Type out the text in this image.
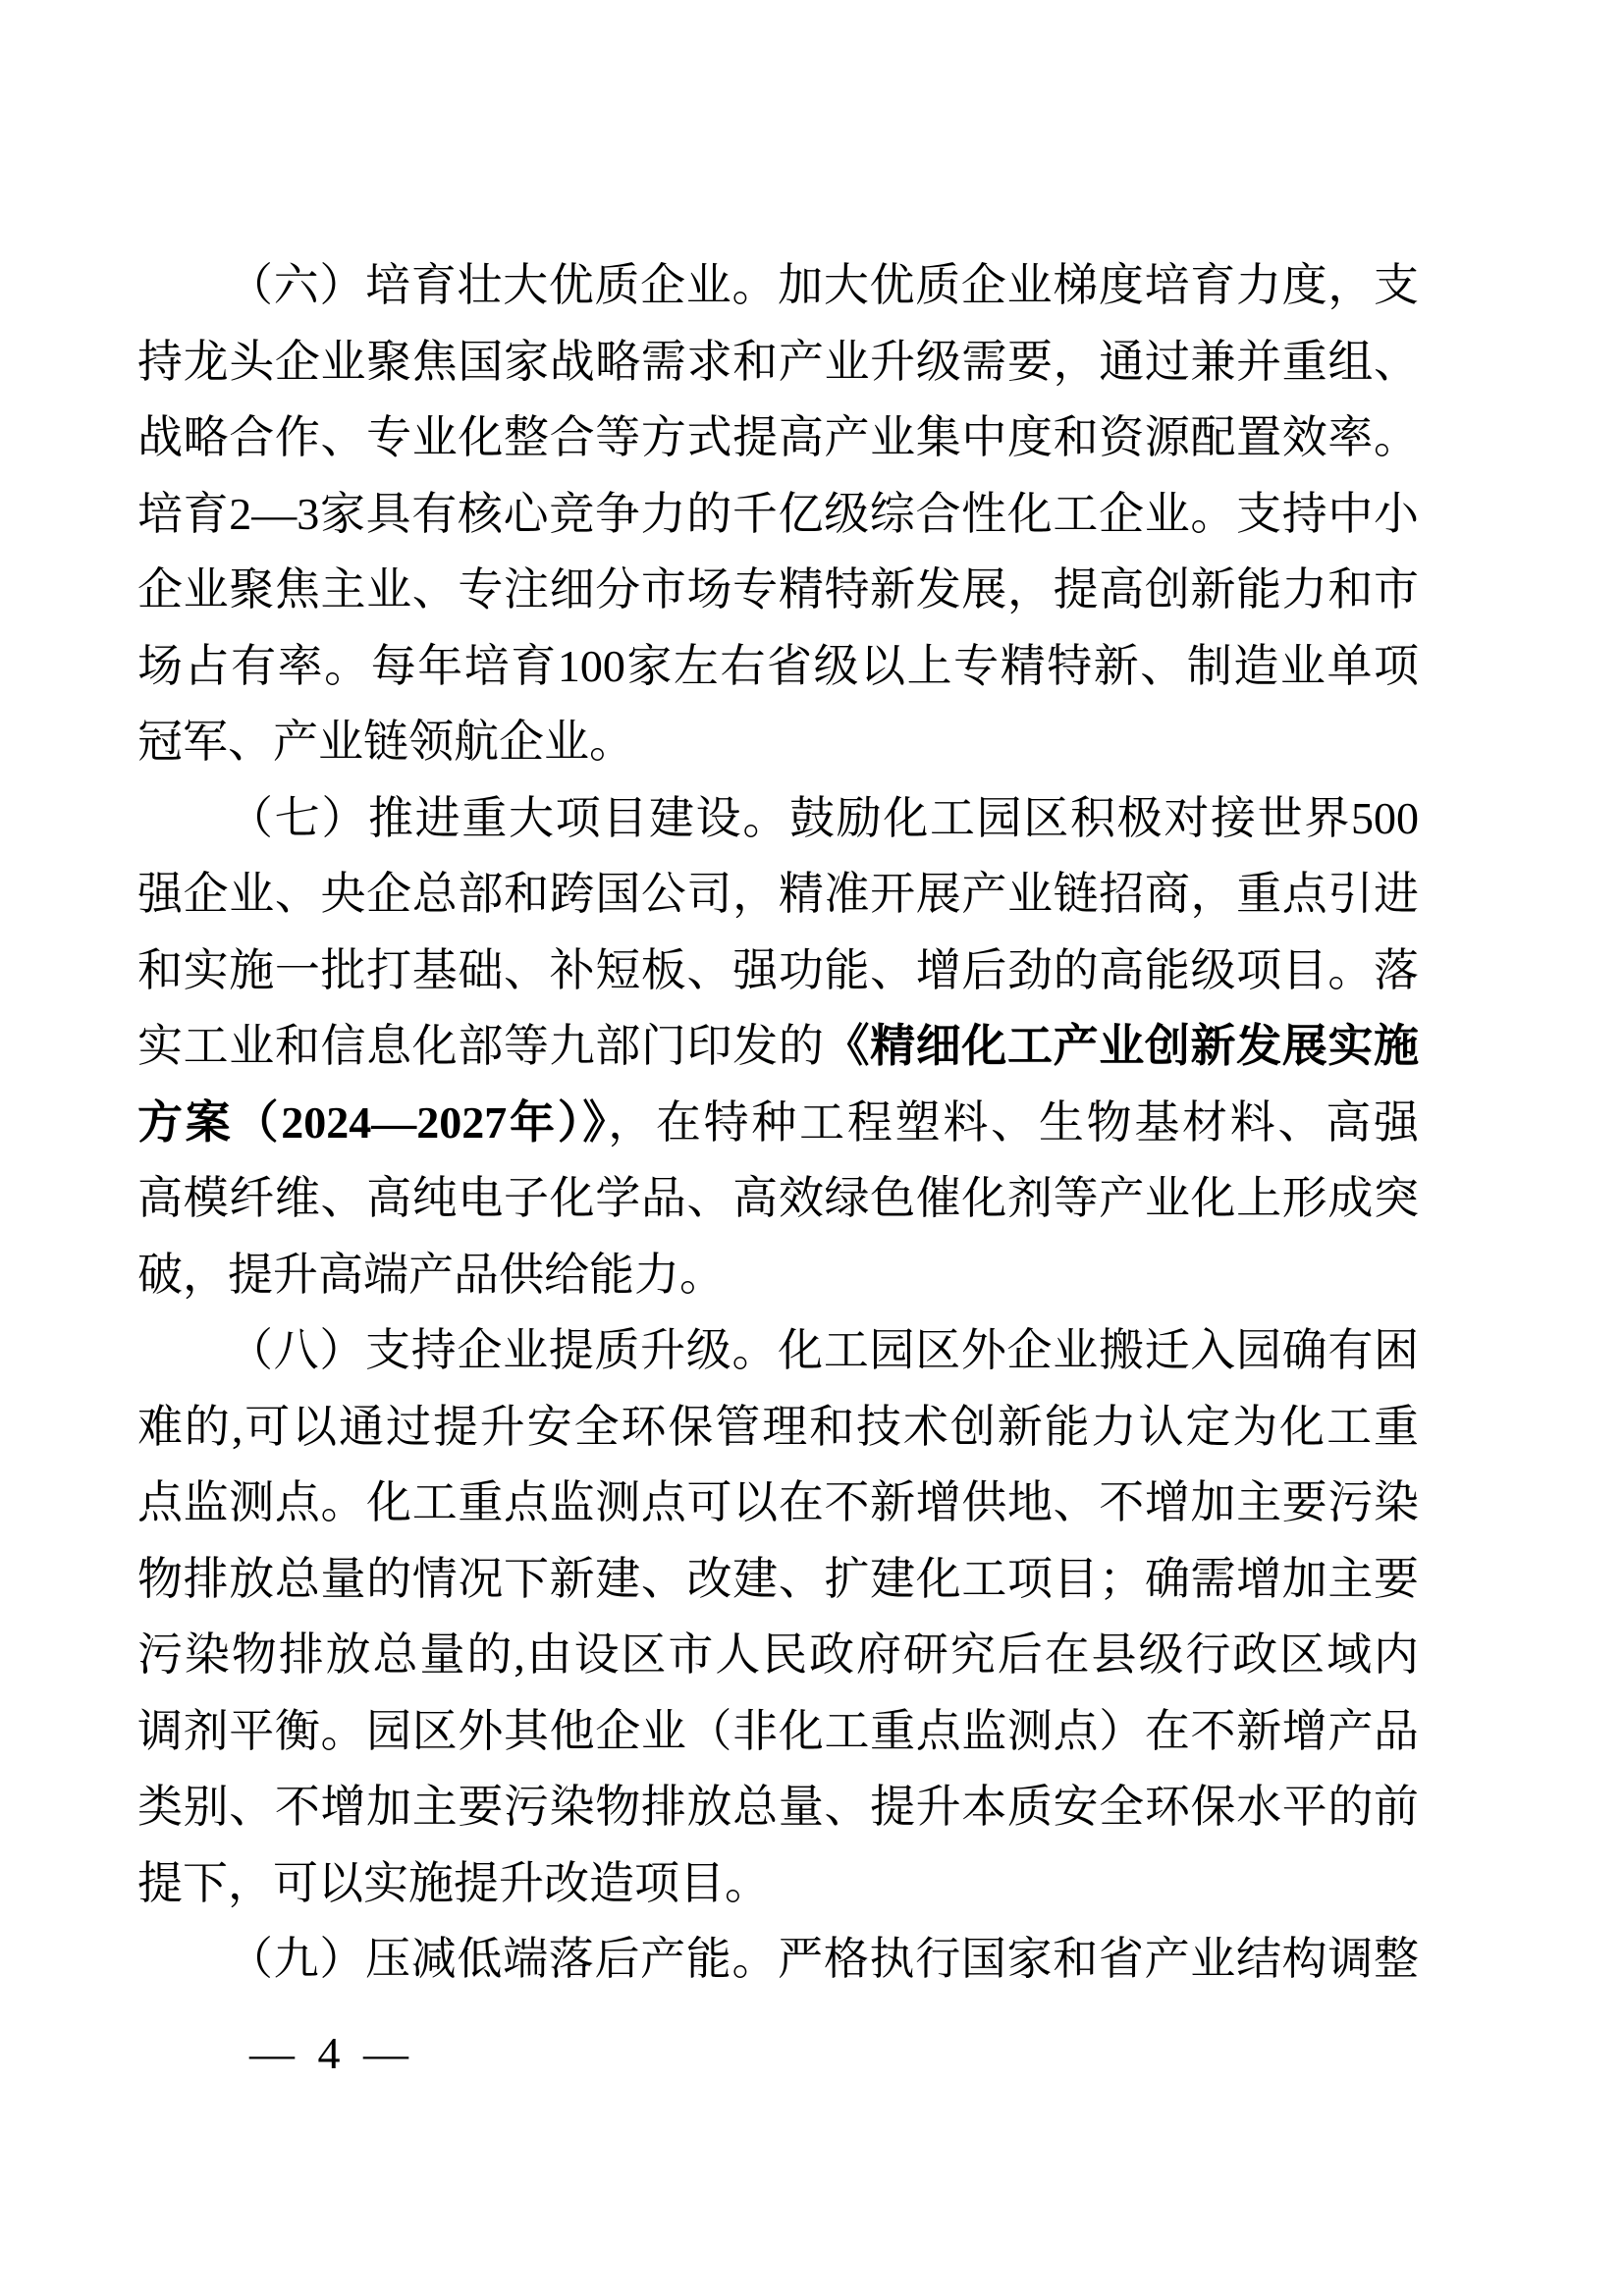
（六）培育壮大优质企业。加大优质企业梯度培育力度，支
持龙头企业聚焦国家战略需求和产业升级需要，通过兼并重组、
战略合作、专业化整合等方式提高产业集中度和资源配置效率。
培育2—3家具有核心竞争力的千亿级综合性化工企业。支持中小
企业聚焦主业、专注细分市场专精特新发展，提高创新能力和市
场占有率。每年培育100家左右省级以上专精特新、制造业单项
冠军、产业链领航企业。
（七）推进重大项目建设。鼓励化工园区积极对接世界500
强企业、央企总部和跨国公司，精准开展产业链招商，重点引进
和实施一批打基础、补短板、强功能、增后劲的高能级项目。落
实工业和信息化部等九部门印发的《精细化工产业创新发展实施
方案（2024—2027年）》，在特种工程塑料、生物基材料、高强
高模纤维、高纯电子化学品、高效绿色催化剂等产业化上形成突
破，提升高端产品供给能力。
（八）支持企业提质升级。化工园区外企业搬迁入园确有困
难的,可以通过提升安全环保管理和技术创新能力认定为化工重
点监测点。化工重点监测点可以在不新增供地、不增加主要污染
物排放总量的情况下新建、改建、扩建化工项目；确需增加主要
污染物排放总量的,由设区市人民政府研究后在县级行政区域内
调剂平衡。园区外其他企业（非化工重点监测点）在不新增产品
类别、不增加主要污染物排放总量、提升本质安全环保水平的前
提下，可以实施提升改造项目。
（九）压减低端落后产能。严格执行国家和省产业结构调整
— 4 —
